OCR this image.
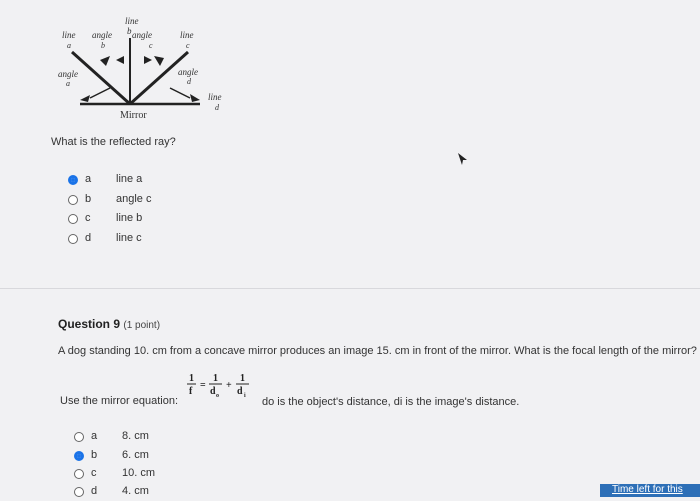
line
b
line
a
angle
b
angle
c
line
c
angle
a
angle
d
line
d
Mirror
What is the reflected ray?
a line a
b angle c
c line b
d line c
Question 9 (1 point)
A dog standing 10. cm from a concave mirror produces an image 15. cm in front of the mirror. What is the focal length of the mirror?
Use the mirror equation:
1
f
=
1
d o
+
1
d i do is the object's distance, di is the image's distance.
a 8. cm
b 6. cm
c 10. cm
d 4. cm	Time left for this
